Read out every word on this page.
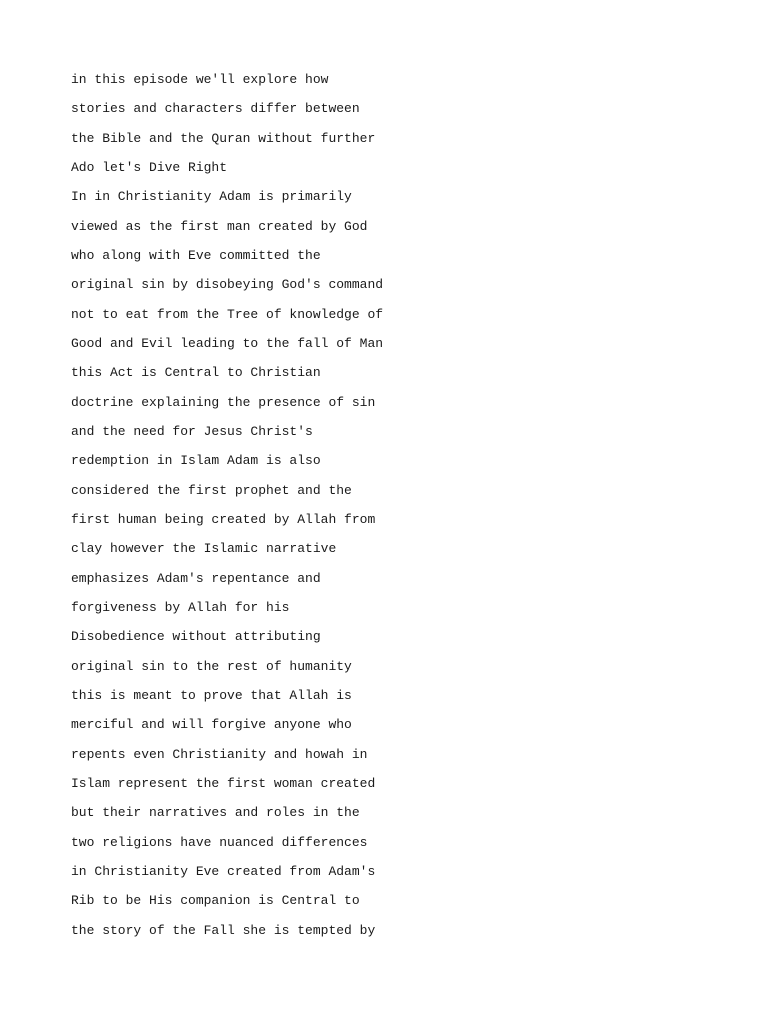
in this episode we'll explore how
stories and characters differ between
the Bible and the Quran without further
Ado let's Dive Right
In in Christianity Adam is primarily
viewed as the first man created by God
who along with Eve committed the
original sin by disobeying God's command
not to eat from the Tree of knowledge of
Good and Evil leading to the fall of Man
this Act is Central to Christian
doctrine explaining the presence of sin
and the need for Jesus Christ's
redemption in Islam Adam is also
considered the first prophet and the
first human being created by Allah from
clay however the Islamic narrative
emphasizes Adam's repentance and
forgiveness by Allah for his
Disobedience without attributing
original sin to the rest of humanity
this is meant to prove that Allah is
merciful and will forgive anyone who
repents even Christianity and howah in
Islam represent the first woman created
but their narratives and roles in the
two religions have nuanced differences
in Christianity Eve created from Adam's
Rib to be His companion is Central to
the story of the Fall she is tempted by
